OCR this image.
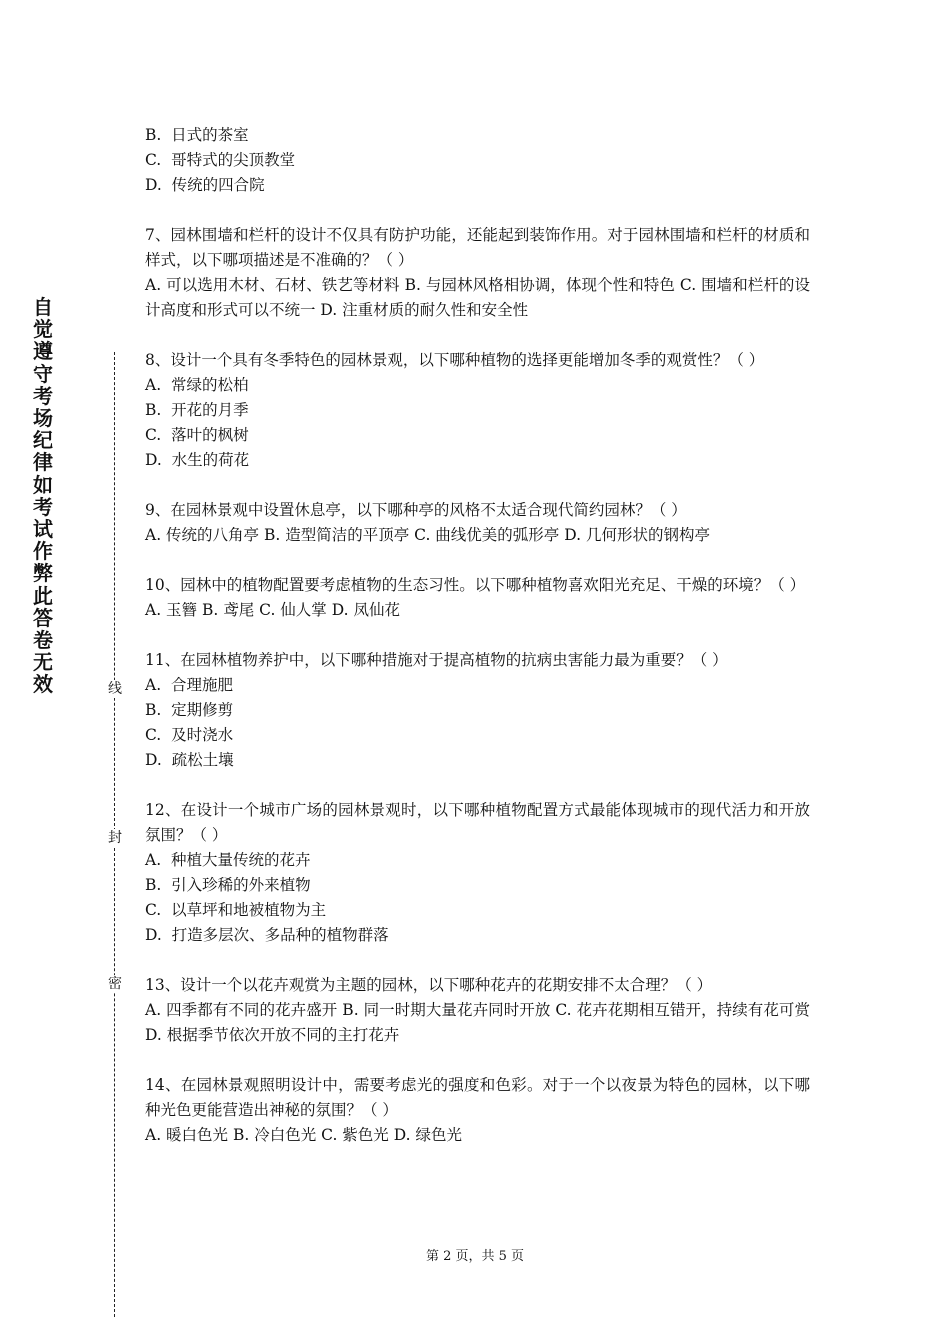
自觉遵守考场纪律如考试作弊此答卷无效	线
封
密
B.  日式的茶室
C.  哥特式的尖顶教堂
D.  传统的四合院
7、园林围墙和栏杆的设计不仅具有防护功能，还能起到装饰作用。对于园林围墙和栏杆的材质和样式，以下哪项描述是不准确的？（ ）
A. 可以选用木材、石材、铁艺等材料 B. 与园林风格相协调，体现个性和特色 C. 围墙和栏杆的设计高度和形式可以不统一 D. 注重材质的耐久性和安全性
8、设计一个具有冬季特色的园林景观，以下哪种植物的选择更能增加冬季的观赏性？（ ）
A.  常绿的松柏
B.  开花的月季
C.  落叶的枫树
D.  水生的荷花
9、在园林景观中设置休息亭，以下哪种亭的风格不太适合现代简约园林？（ ）
A. 传统的八角亭 B. 造型简洁的平顶亭 C. 曲线优美的弧形亭 D. 几何形状的钢构亭
10、园林中的植物配置要考虑植物的生态习性。以下哪种植物喜欢阳光充足、干燥的环境？（ ）
A. 玉簪 B. 鸢尾 C. 仙人掌 D. 凤仙花
11、在园林植物养护中，以下哪种措施对于提高植物的抗病虫害能力最为重要？（ ）
A.  合理施肥
B.  定期修剪
C.  及时浇水
D.  疏松土壤
12、在设计一个城市广场的园林景观时，以下哪种植物配置方式最能体现城市的现代活力和开放氛围？（ ）
A.  种植大量传统的花卉
B.  引入珍稀的外来植物
C.  以草坪和地被植物为主
D.  打造多层次、多品种的植物群落
13、设计一个以花卉观赏为主题的园林，以下哪种花卉的花期安排不太合理？（ ）
A. 四季都有不同的花卉盛开 B. 同一时期大量花卉同时开放 C. 花卉花期相互错开，持续有花可赏 D. 根据季节依次开放不同的主打花卉
14、在园林景观照明设计中，需要考虑光的强度和色彩。对于一个以夜景为特色的园林，以下哪种光色更能营造出神秘的氛围？（ ）
A. 暖白色光 B. 冷白色光 C. 紫色光 D. 绿色光
第 2 页，共 5 页
